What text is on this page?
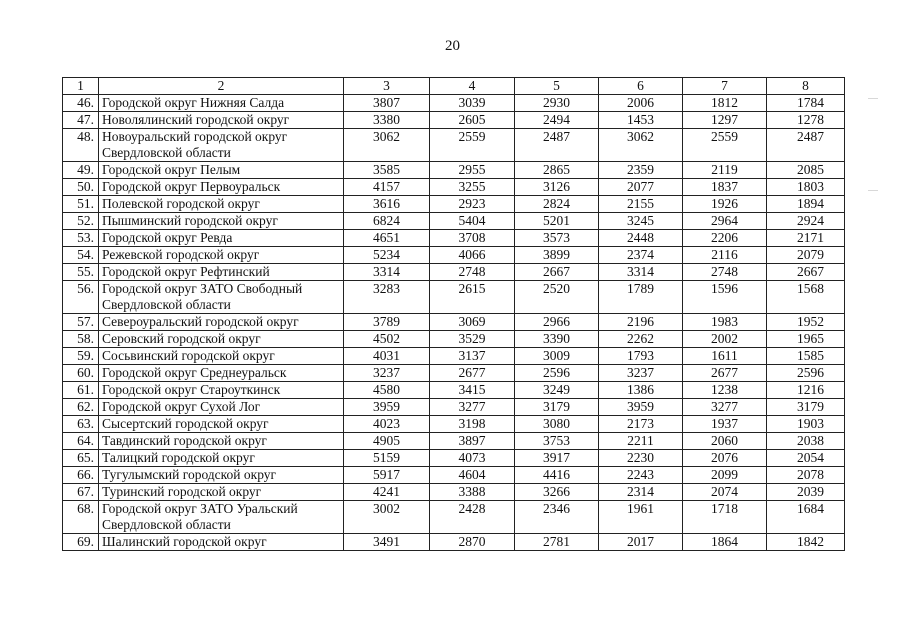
20
1	2	3	4	5	6	7	8
46.	Городской округ Нижняя Салда	3807	3039	2930	2006	1812	1784
47.	Новолялинский городской округ	3380	2605	2494	1453	1297	1278
48.	Новоуральский городской округ Свердловской области	3062	2559	2487	3062	2559	2487
49.	Городской округ Пелым	3585	2955	2865	2359	2119	2085
50.	Городской округ Первоуральск	4157	3255	3126	2077	1837	1803
51.	Полевской городской округ	3616	2923	2824	2155	1926	1894
52.	Пышминский городской округ	6824	5404	5201	3245	2964	2924
53.	Городской округ Ревда	4651	3708	3573	2448	2206	2171
54.	Режевской городской округ	5234	4066	3899	2374	2116	2079
55.	Городской округ Рефтинский	3314	2748	2667	3314	2748	2667
56.	Городской округ ЗАТО Свободный Свердловской области	3283	2615	2520	1789	1596	1568
57.	Североуральский городской округ	3789	3069	2966	2196	1983	1952
58.	Серовский городской округ	4502	3529	3390	2262	2002	1965
59.	Сосьвинский городской округ	4031	3137	3009	1793	1611	1585
60.	Городской округ Среднеуральск	3237	2677	2596	3237	2677	2596
61.	Городской округ Староуткинск	4580	3415	3249	1386	1238	1216
62.	Городской округ Сухой Лог	3959	3277	3179	3959	3277	3179
63.	Сысертский городской округ	4023	3198	3080	2173	1937	1903
64.	Тавдинский городской округ	4905	3897	3753	2211	2060	2038
65.	Талицкий городской округ	5159	4073	3917	2230	2076	2054
66.	Тугулымский городской округ	5917	4604	4416	2243	2099	2078
67.	Туринский городской округ	4241	3388	3266	2314	2074	2039
68.	Городской округ ЗАТО Уральский Свердловской области	3002	2428	2346	1961	1718	1684
69.	Шалинский городской округ	3491	2870	2781	2017	1864	1842
